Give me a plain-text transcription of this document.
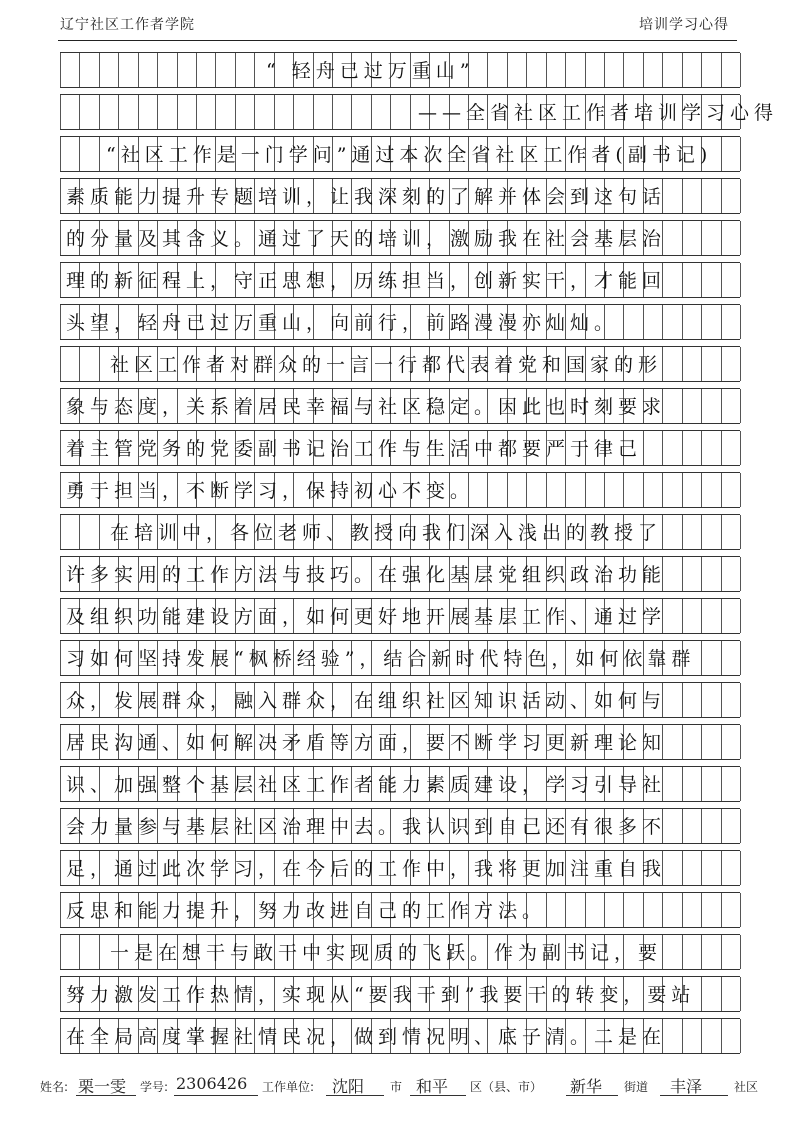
辽宁社区工作者学院	培训学习心得
“ 轻舟已过万重山”
——全省社区工作者培训学习心得
“社区工作是一门学问”通过本次全省社区工作者(副书记)
素质能力提升专题培训，让我深刻的了解并体会到这句话
的分量及其含义。通过了天的培训，激励我在社会基层治
理的新征程上，守正思想，历练担当，创新实干，才能回
头望，轻舟已过万重山，向前行，前路漫漫亦灿灿。
社区工作者对群众的一言一行都代表着党和国家的形
象与态度，关系着居民幸福与社区稳定。因此也时刻要求
着主管党务的党委副书记治工作与生活中都要严于律己
勇于担当，不断学习，保持初心不变。
在培训中，各位老师、教授向我们深入浅出的教授了
许多实用的工作方法与技巧。在强化基层党组织政治功能
及组织功能建设方面，如何更好地开展基层工作、通过学
习如何坚持发展“枫桥经验”，结合新时代特色，如何依靠群
众，发展群众，融入群众，在组织社区知识活动、如何与
居民沟通、如何解决矛盾等方面，要不断学习更新理论知
识、加强整个基层社区工作者能力素质建设，学习引导社
会力量参与基层社区治理中去。我认识到自己还有很多不
足，通过此次学习，在今后的工作中，我将更加注重自我
反思和能力提升，努力改进自己的工作方法。
一是在想干与敢干中实现质的飞跃。作为副书记，要
努力激发工作热情，实现从“要我干到”我要干的转变，要站
在全局高度掌握社情民况，做到情况明、底子清。二是在
姓名: 栗一雯 学号: 2306426 工作单位: 沈阳 市 和平 区（县、市） 新华 街道 丰泽	社区
